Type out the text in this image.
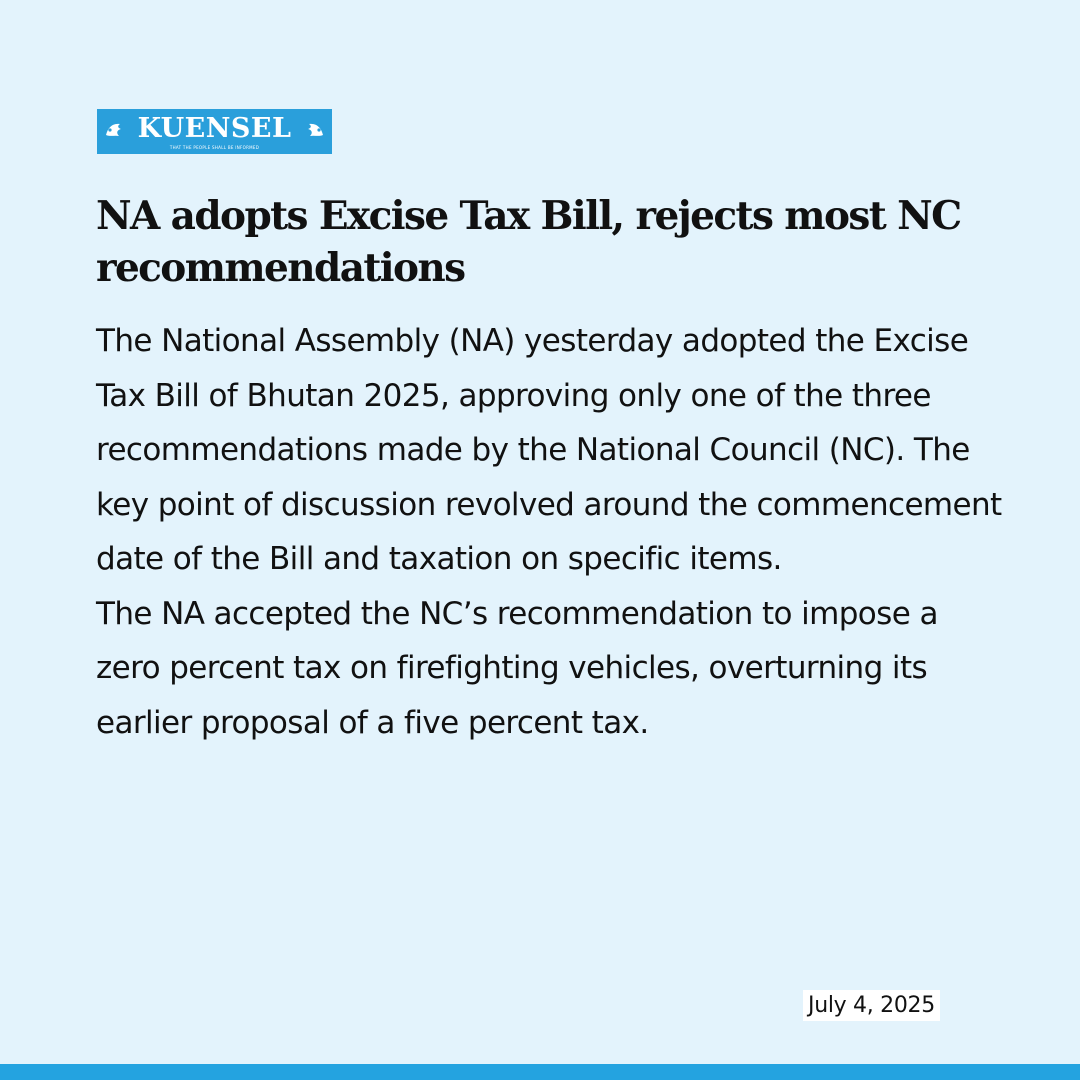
KUENSEL
THAT THE PEOPLE SHALL BE INFORMED
NA adopts Excise Tax Bill, rejects most NC recommendations

The National Assembly (NA) yesterday adopted the Excise Tax Bill of Bhutan 2025, approving only one of the three recommendations made by the National Council (NC). The key point of discussion revolved around the commencement date of the Bill and taxation on specific items.

The NA accepted the NC’s recommendation to impose a zero percent tax on firefighting vehicles, overturning its earlier proposal of a five percent tax.

July 4, 2025
